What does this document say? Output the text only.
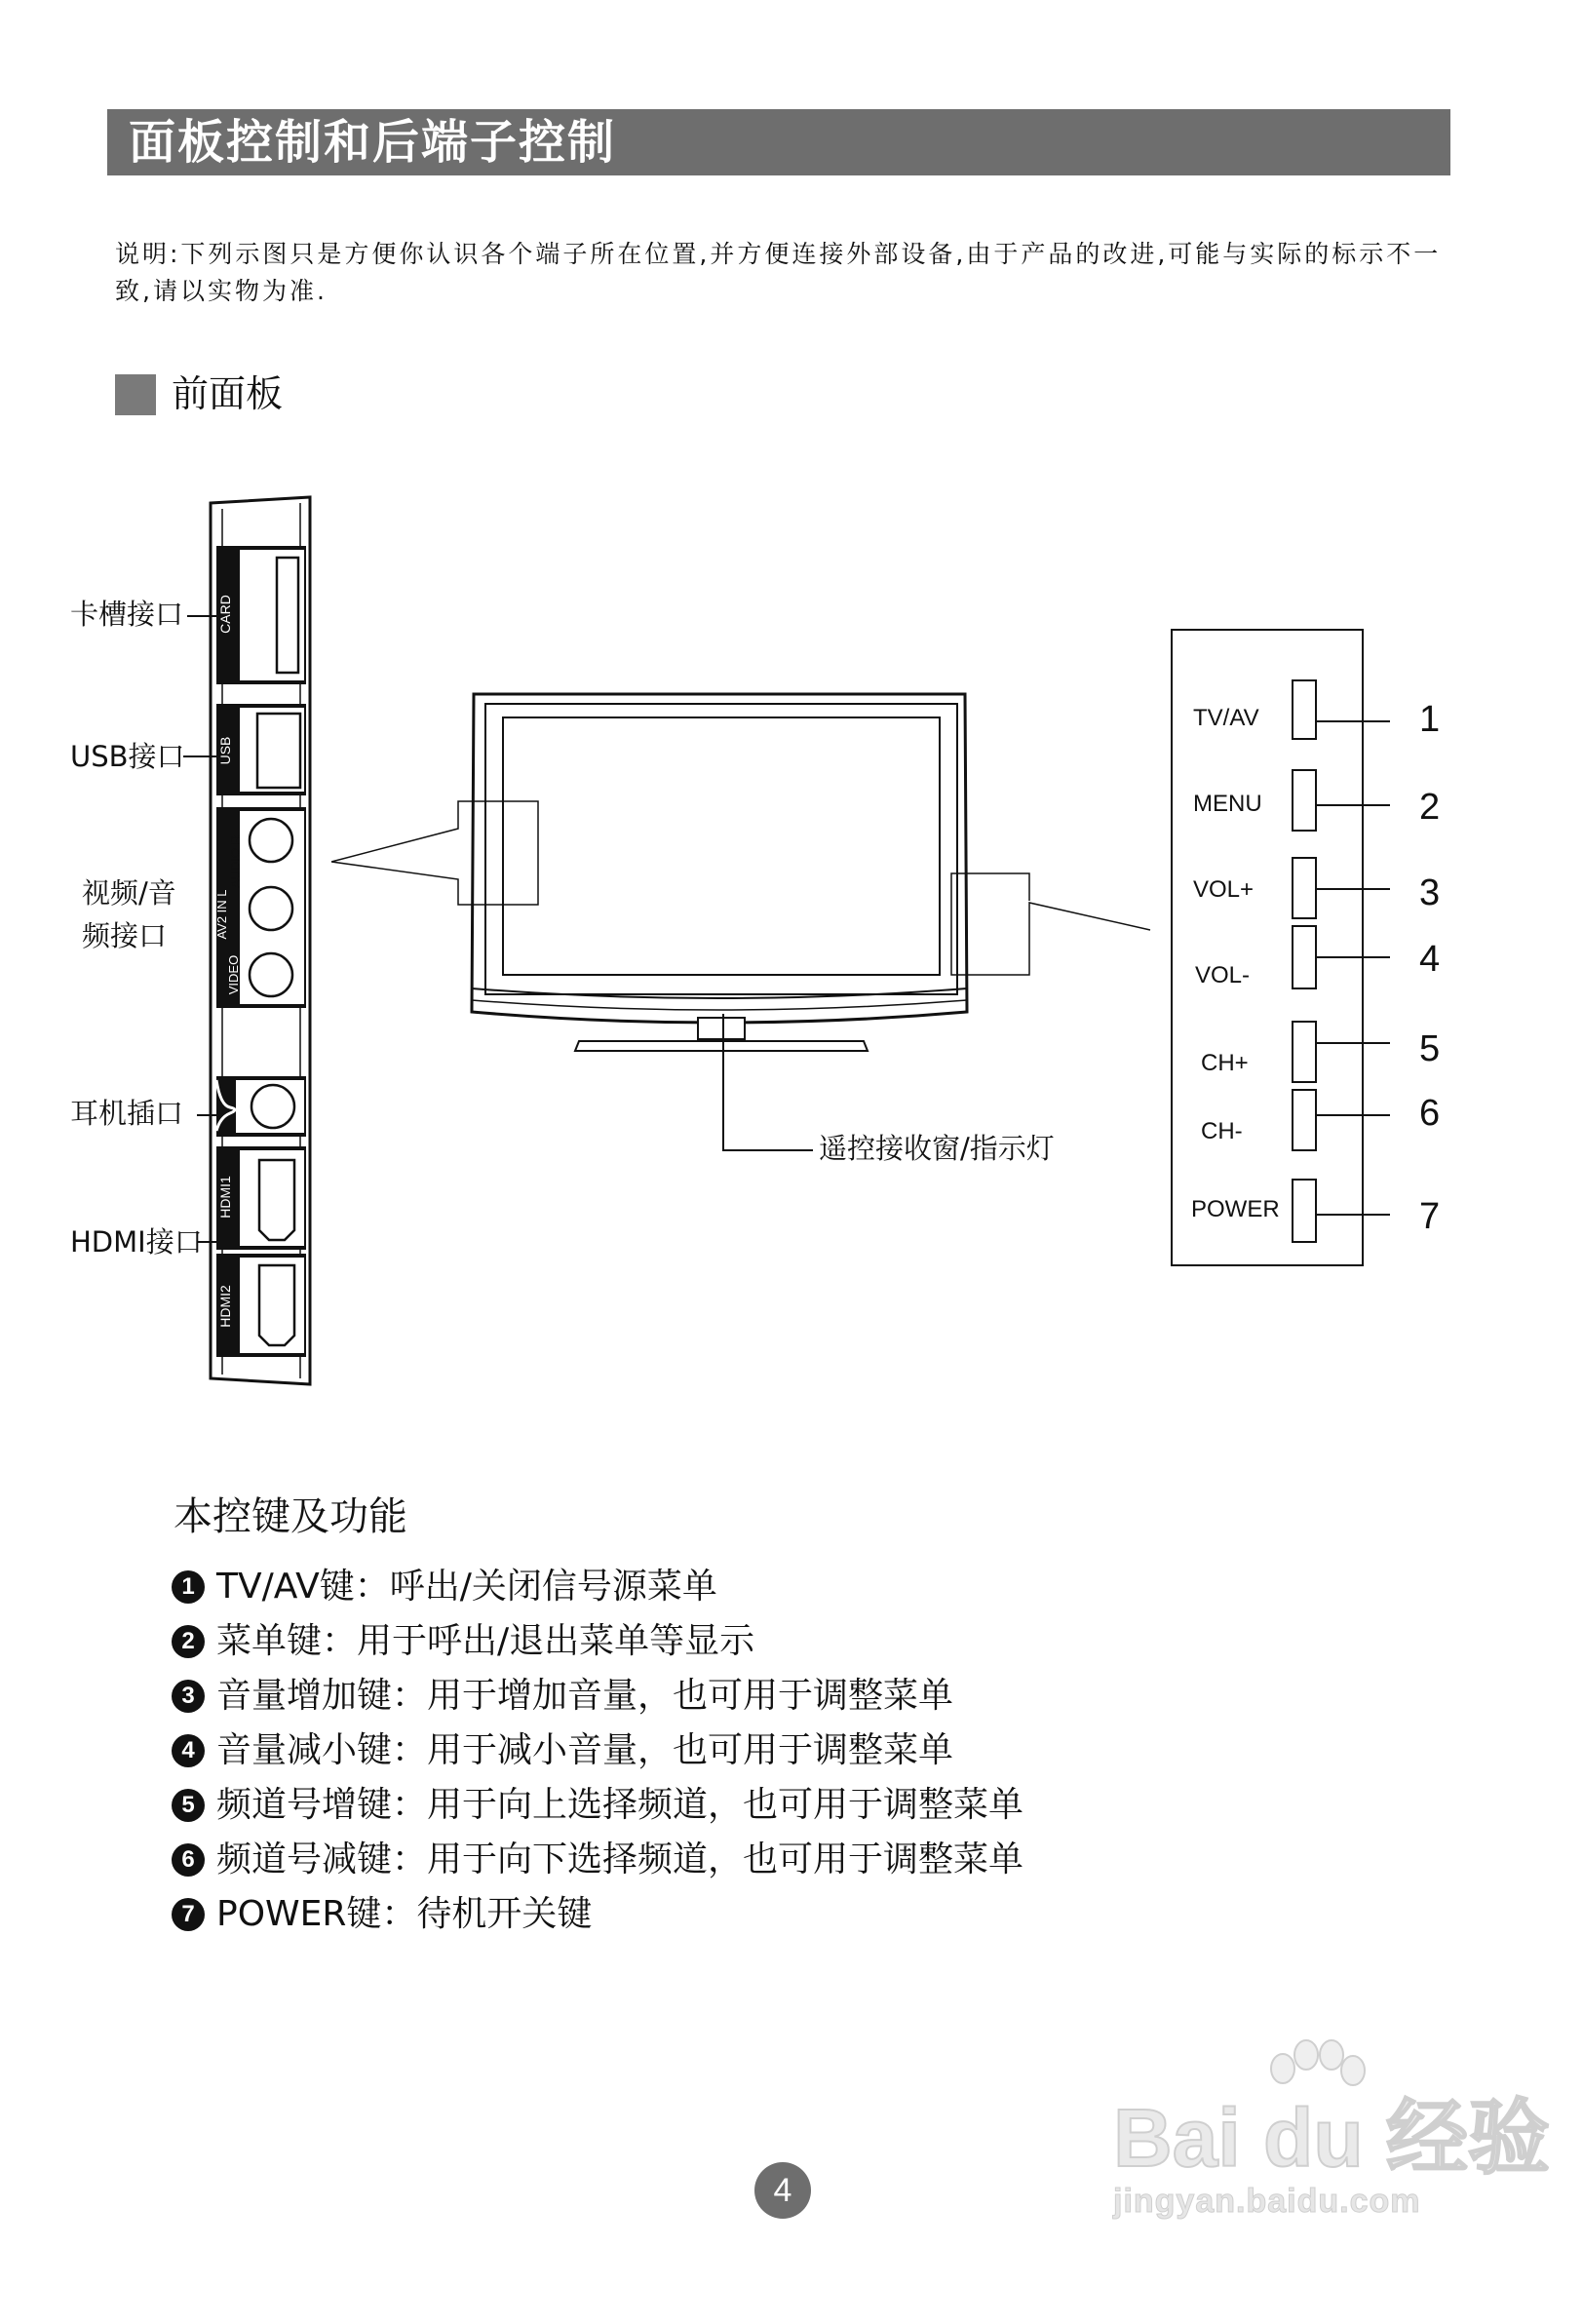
面板控制和后端子控制
说明:下列示图只是方便你认识各个端子所在位置,并方便连接外部设备,由于产品的改进,可能与实际的标示不一致,请以实物为准.
前面板
CARD
USB
AUDIO R
AV2 IN L
VIDEO
HDMI1
HDMI2
卡槽接口
USB接口
视频/音
频接口
耳机插口
HDMI接口
遥控接收窗/指示灯
TV/AV	1
MENU	2
VOL+	3
VOL-	4
CH+	5
CH-	6
POWER	7
本控键及功能
1 TV/AV键：呼出/关闭信号源菜单
2 菜单键：用于呼出/退出菜单等显示
3 音量增加键：用于增加音量，也可用于调整菜单
4 音量减小键：用于减小音量，也可用于调整菜单
5 频道号增键：用于向上选择频道，也可用于调整菜单
6 频道号减键：用于向下选择频道，也可用于调整菜单
7 POWER键：待机开关键
4
Bai du 经验
jingyan.baidu.com
